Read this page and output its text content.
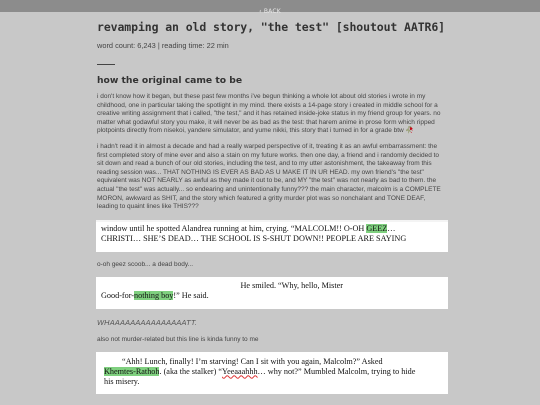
‹ BACK
revamping an old story, "the test" [shoutout AATR6]
word count: 6,243 | reading time: 22 min
how the original came to be

i don't know how it began, but these past few months i've begun thinking a whole lot about old stories i wrote in my childhood, one in particular taking the spotlight in my mind. there exists a 14-page story i created in middle school for a creative writing assignment that i called, "the test," and it has retained inside-joke status in my friend group for years. no matter what godawful story you make, it will never be as bad as the test: that harem anime in prose form which ripped plotpoints directly from nisekoi, yandere simulator, and yume nikki, this story that i turned in for a grade btw 🥀

i hadn't read it in almost a decade and had a really warped perspective of it, treating it as an awful embarrassment: the first completed story of mine ever and also a stain on my future works. then one day, a friend and i randomly decided to sit down and read a bunch of our old stories, including the test, and to my utter astonishment, the takeaway from this reading session was... THAT NOTHING IS EVER AS BAD AS U MAKE IT IN UR HEAD. my own friend's "the test" equivalent was NOT NEARLY as awful as they made it out to be, and MY "the test" was not nearly as bad to them. the actual "the test" was actually... so endearing and unintentionally funny??? the main character, malcolm is a COMPLETE MORON, awkward as SHIT, and the story which featured a gritty murder plot was so nonchalant and TONE DEAF, leading to quaint lines like THIS???

window until he spotted Alandrea running at him, crying. “MALCOLM!! O-OH GEEZ…
CHRISTI… SHE’S DEAD… THE SCHOOL IS S-SHUT DOWN!! PEOPLE ARE SAYING

o-oh geez scoob... a dead body...

He smiled. “Why, hello, Mister
Good-for-nothing boy!” He said.

WHAAAAAAAAAAAAAAATT.

also not murder-related but this line is kinda funny to me

“Ahh! Lunch, finally! I’m starving! Can I sit with you again, Malcolm?” Asked
Khemtes-Rathoh. (aka the stalker) “Yeeaaahhh… why not?” Mumbled Malcolm, trying to hide
his misery.
